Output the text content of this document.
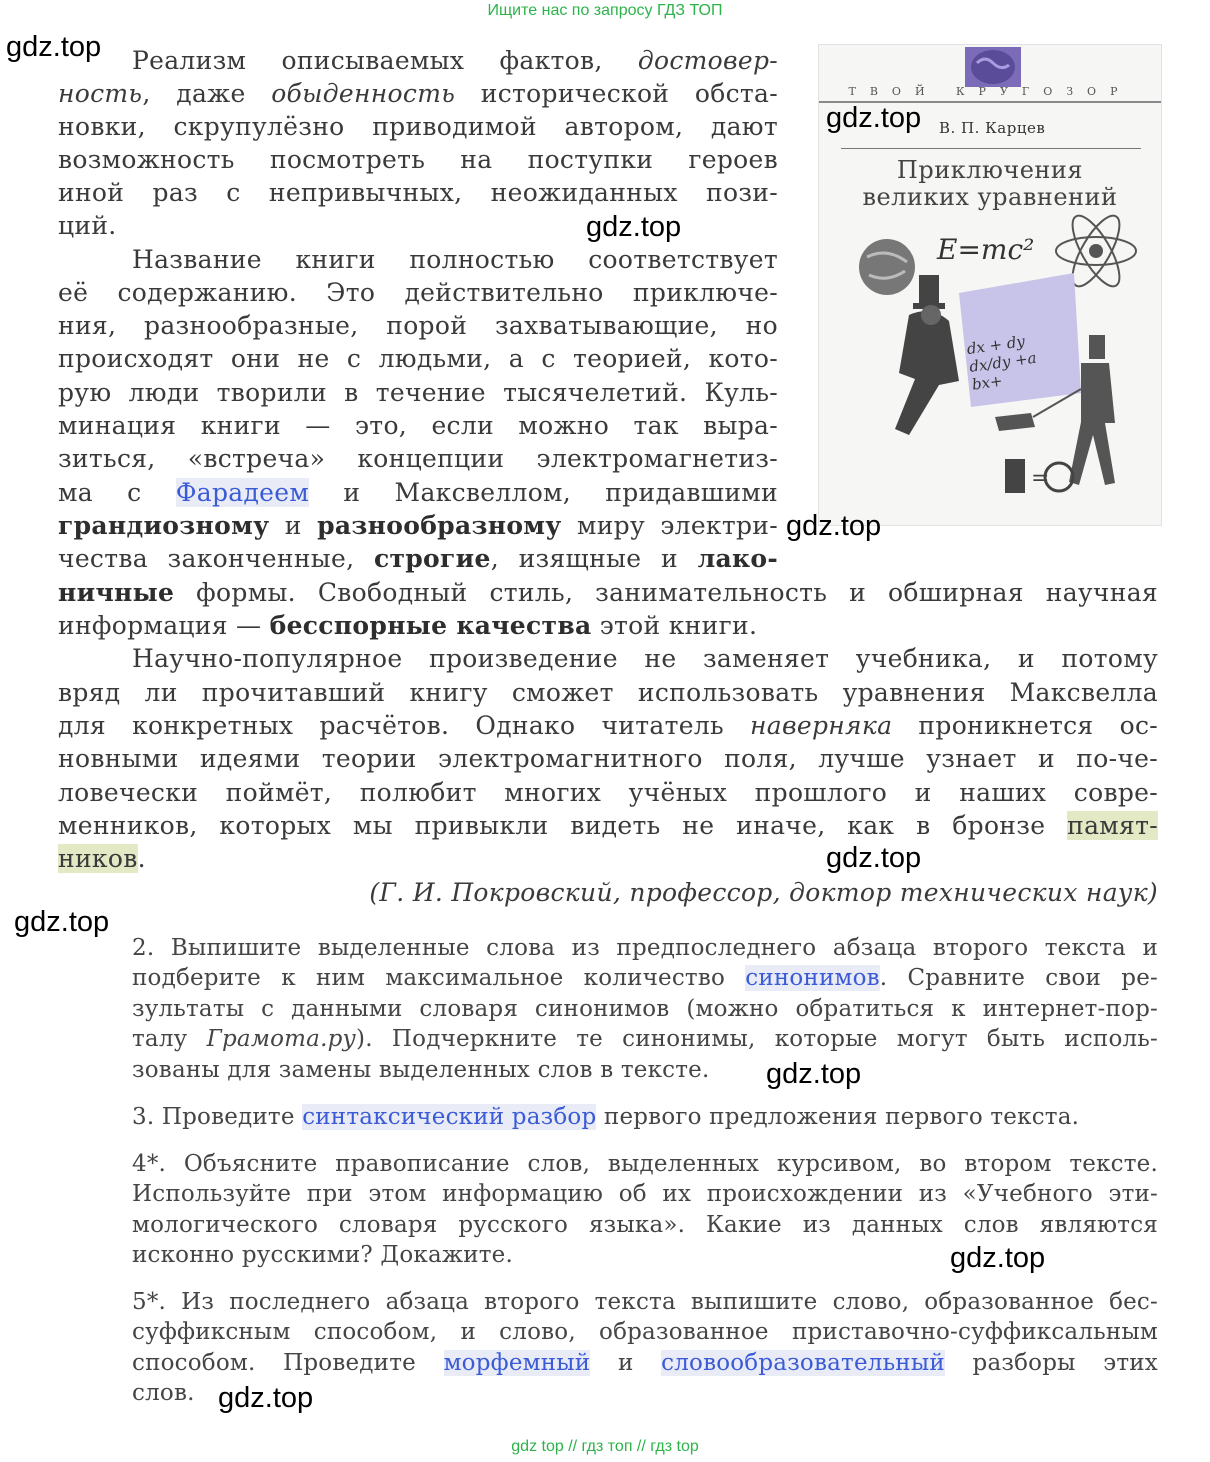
Ищите нас по запросу ГДЗ ТОП
=
ТВОЙ КРУГОЗОР
В. П. Карцев
Приключения
великих уравнений
E=mc²
dx + dy dx/dy +a bx+
Реализм описываемых фактов, достовер-
ность, даже обыденность исторической обста-
новки, скрупулёзно приводимой автором, дают
возможность посмотреть на поступки героев
иной раз с непривычных, неожиданных пози-
ций.
Название книги полностью соответствует
её содержанию. Это действительно приключе-
ния, разнообразные, порой захватывающие, но
происходят они не с людьми, а с теорией, кото-
рую люди творили в течение тысячелетий. Куль-
минация книги — это, если можно так выра-
зиться, «встреча» концепции электромагнетиз-
ма с Фарадеем и Максвеллом, придавшими
грандиозному и разнообразному миру электри-
чества законченные, строгие, изящные и лако-
ничные формы. Свободный стиль, занимательность и обширная научная
информация — бесспорные качества этой книги.
Научно-популярное произведение не заменяет учебника, и потому
вряд ли прочитавший книгу сможет использовать уравнения Максвелла
для конкретных расчётов. Однако читатель наверняка проникнется ос-
новными идеями теории электромагнитного поля, лучше узнает и по-че-
ловечески поймёт, полюбит многих учёных прошлого и наших совре-
менников, которых мы привыкли видеть не иначе, как в бронзе памят-
ников.
(Г. И. Покровский, профессор, доктор технических наук)
2. Выпишите выделенные слова из предпоследнего абзаца второго текста и
подберите к ним максимальное количество синонимов. Сравните свои ре-
зультаты с данными словаря синонимов (можно обратиться к интернет-пор-
талу Грамота.ру). Подчеркните те синонимы, которые могут быть исполь-
зованы для замены выделенных слов в тексте.
3. Проведите синтаксический разбор первого предложения первого текста.
4*. Объясните правописание слов, выделенных курсивом, во втором тексте.
Используйте при этом информацию об их происхождении из «Учебного эти-
мологического словаря русского языка». Какие из данных слов являются
исконно русскими? Докажите.
5*. Из последнего абзаца второго текста выпишите слово, образованное бес-
суффиксным способом, и слово, образованное приставочно-суффиксальным
способом. Проведите морфемный и словообразовательный разборы этих
слов.
gdz.top
gdz.top
gdz.top
gdz.top
gdz.top
gdz.top
gdz.top
gdz.top
gdz.top
gdz top // гдз топ // гдз top
